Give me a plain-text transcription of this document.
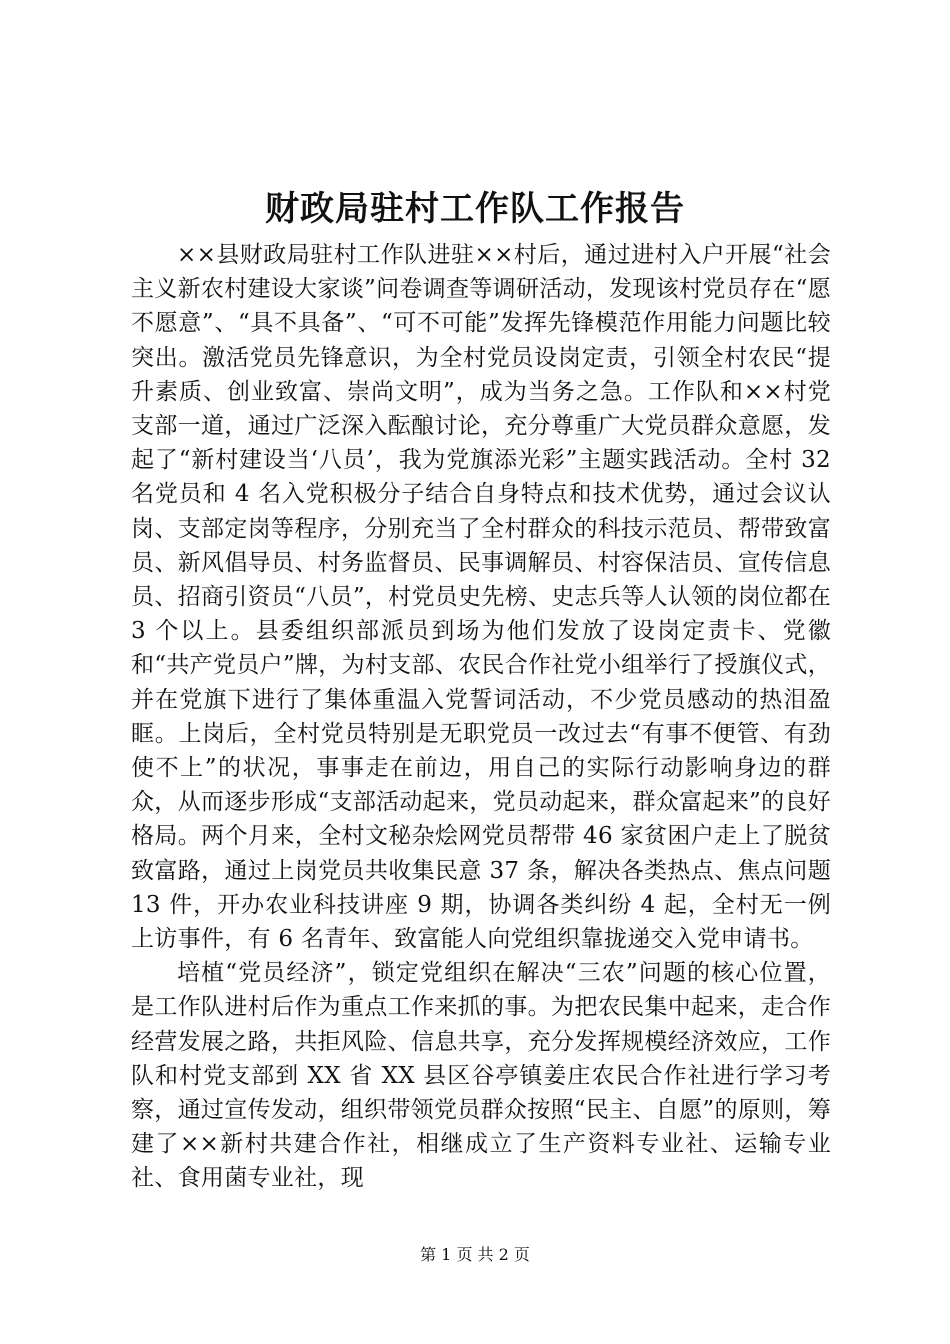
财政局驻村工作队工作报告

××县财政局驻村工作队进驻××村后，通过进村入户开展“社会主义新农村建设大家谈”问卷调查等调研活动，发现该村党员存在“愿不愿意”、“具不具备”、“可不可能”发挥先锋模范作用能力问题比较突出。激活党员先锋意识，为全村党员设岗定责，引领全村农民“提升素质、创业致富、崇尚文明”，成为当务之急。工作队和××村党支部一道，通过广泛深入酝酿讨论，充分尊重广大党员群众意愿，发起了“新村建设当‘八员’，我为党旗添光彩”主题实践活动。全村 32 名党员和 4 名入党积极分子结合自身特点和技术优势，通过会议认岗、支部定岗等程序，分别充当了全村群众的科技示范员、帮带致富员、新风倡导员、村务监督员、民事调解员、村容保洁员、宣传信息员、招商引资员“八员”，村党员史先榜、史志兵等人认领的岗位都在 3 个以上。县委组织部派员到场为他们发放了设岗定责卡、党徽和“共产党员户”牌，为村支部、农民合作社党小组举行了授旗仪式，并在党旗下进行了集体重温入党誓词活动，不少党员感动的热泪盈眶。上岗后，全村党员特别是无职党员一改过去“有事不便管、有劲使不上”的状况，事事走在前边，用自己的实际行动影响身边的群众，从而逐步形成“支部活动起来，党员动起来，群众富起来”的良好格局。两个月来，全村文秘杂烩网党员帮带 46 家贫困户走上了脱贫致富路，通过上岗党员共收集民意 37 条，解决各类热点、焦点问题 13 件，开办农业科技讲座 9 期，协调各类纠纷 4 起，全村无一例上访事件，有 6 名青年、致富能人向党组织靠拢递交入党申请书。

培植“党员经济”，锁定党组织在解决“三农”问题的核心位置，是工作队进村后作为重点工作来抓的事。为把农民集中起来，走合作经营发展之路，共拒风险、信息共享，充分发挥规模经济效应，工作队和村党支部到 XX 省 XX 县区谷亭镇姜庄农民合作社进行学习考察，通过宣传发动，组织带领党员群众按照“民主、自愿”的原则，筹建了××新村共建合作社，相继成立了生产资料专业社、运输专业社、食用菌专业社，现

第 1 页 共 2 页
